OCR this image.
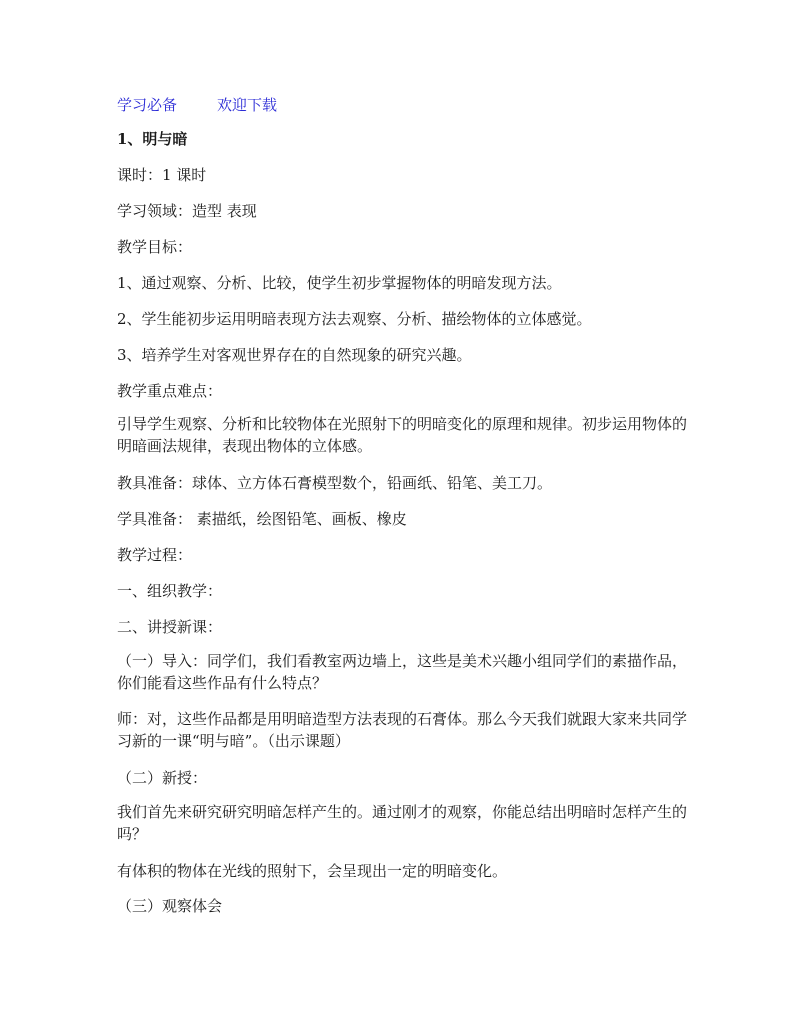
学习必备	欢迎下载
1、明与暗
课时：1 课时
学习领域：造型 表现
教学目标：
1、通过观察、分析、比较，使学生初步掌握物体的明暗发现方法。
2、学生能初步运用明暗表现方法去观察、分析、描绘物体的立体感觉。
3、培养学生对客观世界存在的自然现象的研究兴趣。
教学重点难点：
引导学生观察、分析和比较物体在光照射下的明暗变化的原理和规律。初步运用物体的明暗画法规律，表现出物体的立体感。
教具准备：球体、立方体石膏模型数个，铅画纸、铅笔、美工刀。
学具准备： 素描纸，绘图铅笔、画板、橡皮
教学过程：
一、组织教学：
二、讲授新课：
（一）导入：同学们，我们看教室两边墙上，这些是美术兴趣小组同学们的素描作品，你们能看这些作品有什么特点？
师：对，这些作品都是用明暗造型方法表现的石膏体。那么今天我们就跟大家来共同学习新的一课“明与暗”。（出示课题）
（二）新授：
我们首先来研究研究明暗怎样产生的。通过刚才的观察，你能总结出明暗时怎样产生的吗？
有体积的物体在光线的照射下，会呈现出一定的明暗变化。
（三）观察体会
